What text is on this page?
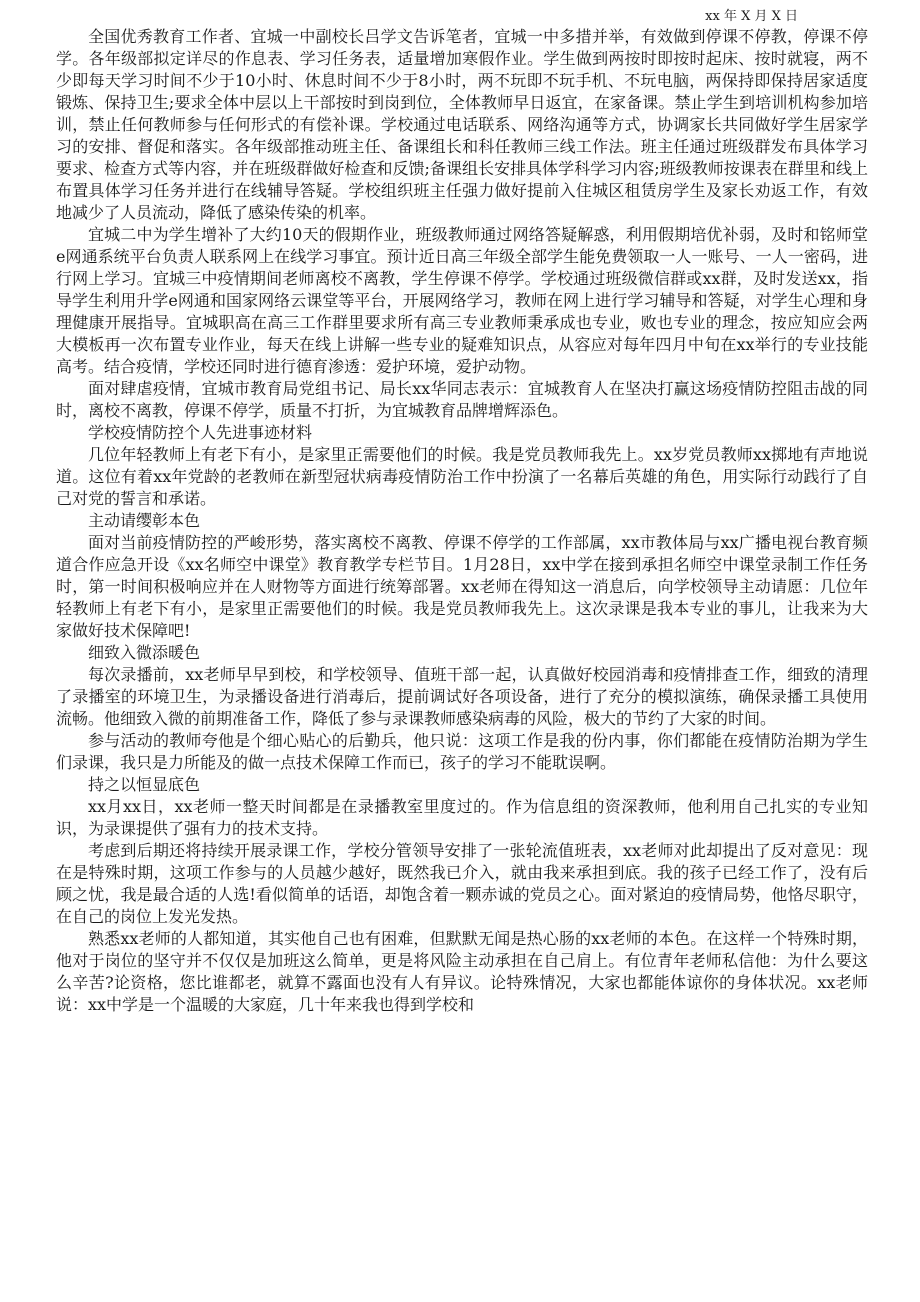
xx 年 X 月 X 日

全国优秀教育工作者、宜城一中副校长吕学文告诉笔者，宜城一中多措并举，有效做到停课不停教，停课不停学。各年级部拟定详尽的作息表、学习任务表，适量增加寒假作业。学生做到两按时即按时起床、按时就寝，两不少即每天学习时间不少于10小时、休息时间不少于8小时，两不玩即不玩手机、不玩电脑，两保持即保持居家适度锻炼、保持卫生;要求全体中层以上干部按时到岗到位，全体教师早日返宜，在家备课。禁止学生到培训机构参加培训，禁止任何教师参与任何形式的有偿补课。学校通过电话联系、网络沟通等方式，协调家长共同做好学生居家学习的安排、督促和落实。各年级部推动班主任、备课组长和科任教师三线工作法。班主任通过班级群发布具体学习要求、检查方式等内容，并在班级群做好检查和反馈;备课组长安排具体学科学习内容;班级教师按课表在群里和线上布置具体学习任务并进行在线辅导答疑。学校组织班主任强力做好提前入住城区租赁房学生及家长劝返工作，有效地减少了人员流动，降低了感染传染的机率。

宜城二中为学生增补了大约10天的假期作业，班级教师通过网络答疑解惑，利用假期培优补弱，及时和铭师堂e网通系统平台负责人联系网上在线学习事宜。预计近日高三年级全部学生能免费领取一人一账号、一人一密码，进行网上学习。宜城三中疫情期间老师离校不离教，学生停课不停学。学校通过班级微信群或xx群，及时发送xx，指导学生利用升学e网通和国家网络云课堂等平台，开展网络学习，教师在网上进行学习辅导和答疑，对学生心理和身理健康开展指导。宜城职高在高三工作群里要求所有高三专业教师秉承成也专业，败也专业的理念，按应知应会两大模板再一次布置专业作业，每天在线上讲解一些专业的疑难知识点，从容应对每年四月中旬在xx举行的专业技能高考。结合疫情，学校还同时进行德育渗透：爱护环境，爱护动物。

面对肆虐疫情，宜城市教育局党组书记、局长xx华同志表示：宜城教育人在坚决打赢这场疫情防控阻击战的同时，离校不离教，停课不停学，质量不打折，为宜城教育品牌增辉添色。

学校疫情防控个人先进事迹材料

几位年轻教师上有老下有小，是家里正需要他们的时候。我是党员教师我先上。xx岁党员教师xx掷地有声地说道。这位有着xx年党龄的老教师在新型冠状病毒疫情防治工作中扮演了一名幕后英雄的角色，用实际行动践行了自己对党的誓言和承诺。

主动请缨彰本色

面对当前疫情防控的严峻形势，落实离校不离教、停课不停学的工作部属，xx市教体局与xx广播电视台教育频道合作应急开设《xx名师空中课堂》教育教学专栏节目。1月28日，xx中学在接到承担名师空中课堂录制工作任务时，第一时间积极响应并在人财物等方面进行统筹部署。xx老师在得知这一消息后，向学校领导主动请愿：几位年轻教师上有老下有小，是家里正需要他们的时候。我是党员教师我先上。这次录课是我本专业的事儿，让我来为大家做好技术保障吧!

细致入微添暖色

每次录播前，xx老师早早到校，和学校领导、值班干部一起，认真做好校园消毒和疫情排查工作，细致的清理了录播室的环境卫生，为录播设备进行消毒后，提前调试好各项设备，进行了充分的模拟演练，确保录播工具使用流畅。他细致入微的前期准备工作，降低了参与录课教师感染病毒的风险，极大的节约了大家的时间。

参与活动的教师夸他是个细心贴心的后勤兵，他只说：这项工作是我的份内事，你们都能在疫情防治期为学生们录课，我只是力所能及的做一点技术保障工作而已，孩子的学习不能耽误啊。

持之以恒显底色

xx月xx日，xx老师一整天时间都是在录播教室里度过的。作为信息组的资深教师，他利用自己扎实的专业知识，为录课提供了强有力的技术支持。

考虑到后期还将持续开展录课工作，学校分管领导安排了一张轮流值班表，xx老师对此却提出了反对意见：现在是特殊时期，这项工作参与的人员越少越好，既然我已介入，就由我来承担到底。我的孩子已经工作了，没有后顾之忧，我是最合适的人选!看似简单的话语，却饱含着一颗赤诚的党员之心。面对紧迫的疫情局势，他恪尽职守，在自己的岗位上发光发热。

熟悉xx老师的人都知道，其实他自己也有困难，但默默无闻是热心肠的xx老师的本色。在这样一个特殊时期，他对于岗位的坚守并不仅仅是加班这么简单，更是将风险主动承担在自己肩上。有位青年老师私信他：为什么要这么辛苦?论资格，您比谁都老，就算不露面也没有人有异议。论特殊情况，大家也都能体谅你的身体状况。xx老师说：xx中学是一个温暖的大家庭，几十年来我也得到学校和
